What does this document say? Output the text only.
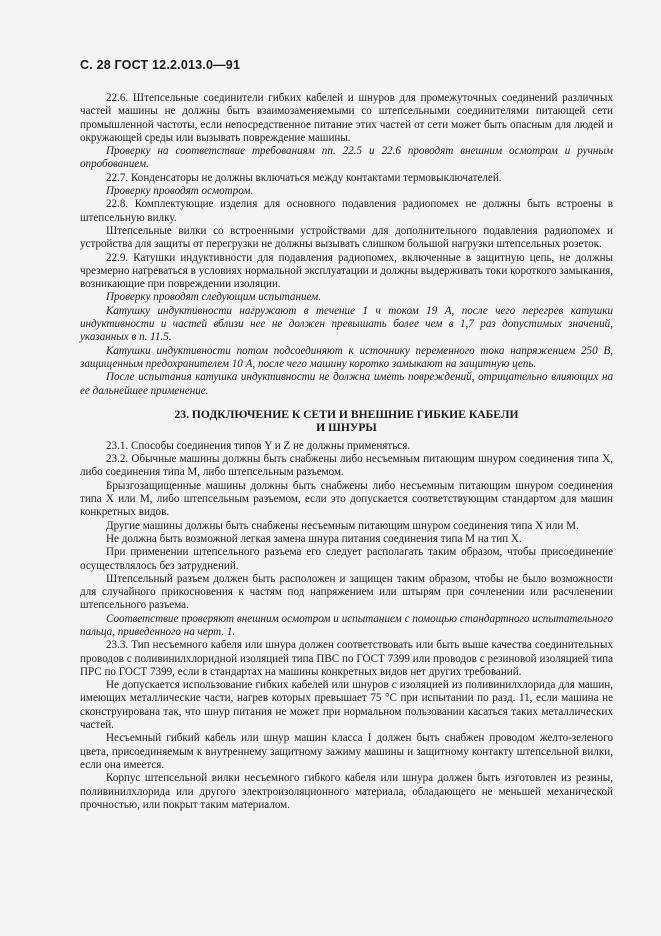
С. 28 ГОСТ 12.2.013.0—91

22.6. Штепсельные соединители гибких кабелей и шнуров для промежуточных соединений различных частей машины не должны быть взаимозаменяемыми со штепсельными соединителями питающей сети промышленной частоты, если непосредственное питание этих частей от сети может быть опасным для людей и окружающей среды или вызывать повреждение машины.

Проверку на соответствие требованиям пп. 22.5 и 22.6 проводят внешним осмотром и ручным опробованием.

22.7. Конденсаторы не должны включаться между контактами термовыключателей.

Проверку проводят осмотром.

22.8. Комплектующие изделия для основного подавления радиопомех не должны быть встроены в штепсельную вилку.

Штепсельные вилки со встроенными устройствами для дополнительного подавления радиопомех и устройства для защиты от перегрузки не должны вызывать слишком большой нагрузки штепсельных розеток.

22.9. Катушки индуктивности для подавления радиопомех, включенные в защитную цепь, не должны чрезмерно нагреваться в условиях нормальной эксплуатации и должны выдерживать токи короткого замыкания, возникающие при повреждении изоляции.

Проверку проводят следующим испытанием.

Катушку индуктивности нагружают в течение 1 ч током 19 А, после чего перегрев катушки индуктивности и частей вблизи нее не должен превышать более чем в 1,7 раз допустимых значений, указанных в п. 11.5.

Катушки индуктивности потом подсоединяют к источнику переменного тока напряжением 250 В, защищенным предохранителем 10 А, после чего машину коротко замыкают на защитную цепь.

После испытания катушка индуктивности не должна иметь повреждений, отрицательно влияющих на ее дальнейшее применение.

23. ПОДКЛЮЧЕНИЕ К СЕТИ И ВНЕШНИЕ ГИБКИЕ КАБЕЛИ
И ШНУРЫ

23.1. Способы соединения типов Y и Z не должны применяться.

23.2. Обычные машины должны быть снабжены либо несъемным питающим шнуром соединения типа X, либо соединения типа M, либо штепсельным разъемом.

Брызгозащищенные машины должны быть снабжены либо несъемным питающим шнуром соединения типа X или M, либо штепсельным разъемом, если это допускается соответствующим стандартом для машин конкретных видов.

Другие машины должны быть снабжены несъемным питающим шнуром соединения типа X или M.

Не должна быть возможной легкая замена шнура питания соединения типа M на тип X.

При применении штепсельного разъема его следует располагать таким образом, чтобы присоединение осуществлялось без затруднений.

Штепсельный разъем должен быть расположен и защищен таким образом, чтобы не было возможности для случайного прикосновения к частям под напряжением или штырям при сочленении или расчленении штепсельного разъема.

Соответствие проверяют внешним осмотром и испытанием с помощью стандартного испытательного пальца, приведенного на черт. 1.

23.3. Тип несъемного кабеля или шнура должен соответствовать или быть выше качества соединительных проводов с поливинилхлоридной изоляцией типа ПВС по ГОСТ 7399 или проводов с резиновой изоляцией типа ПРС по ГОСТ 7399, если в стандартах на машины конкретных видов нет других требований.

Не допускается использование гибких кабелей или шнуров с изоляцией из поливинилхлорида для машин, имеющих металлические части, нагрев которых превышает 75 °С при испытании по разд. 11, если машина не сконструирована так, что шнур питания не может при нормальном пользовании касаться таких металлических частей.

Несъемный гибкий кабель или шнур машин класса I должен быть снабжен проводом желто-зеленого цвета, присоединяемым к внутреннему защитному зажиму машины и защитному контакту штепсельной вилки, если она имеется.

Корпус штепсельной вилки несъемного гибкого кабеля или шнура должен быть изготовлен из резины, поливинилхлорида или другого электроизоляционного материала, обладающего не меньшей механической прочностью, или покрыт таким материалом.
